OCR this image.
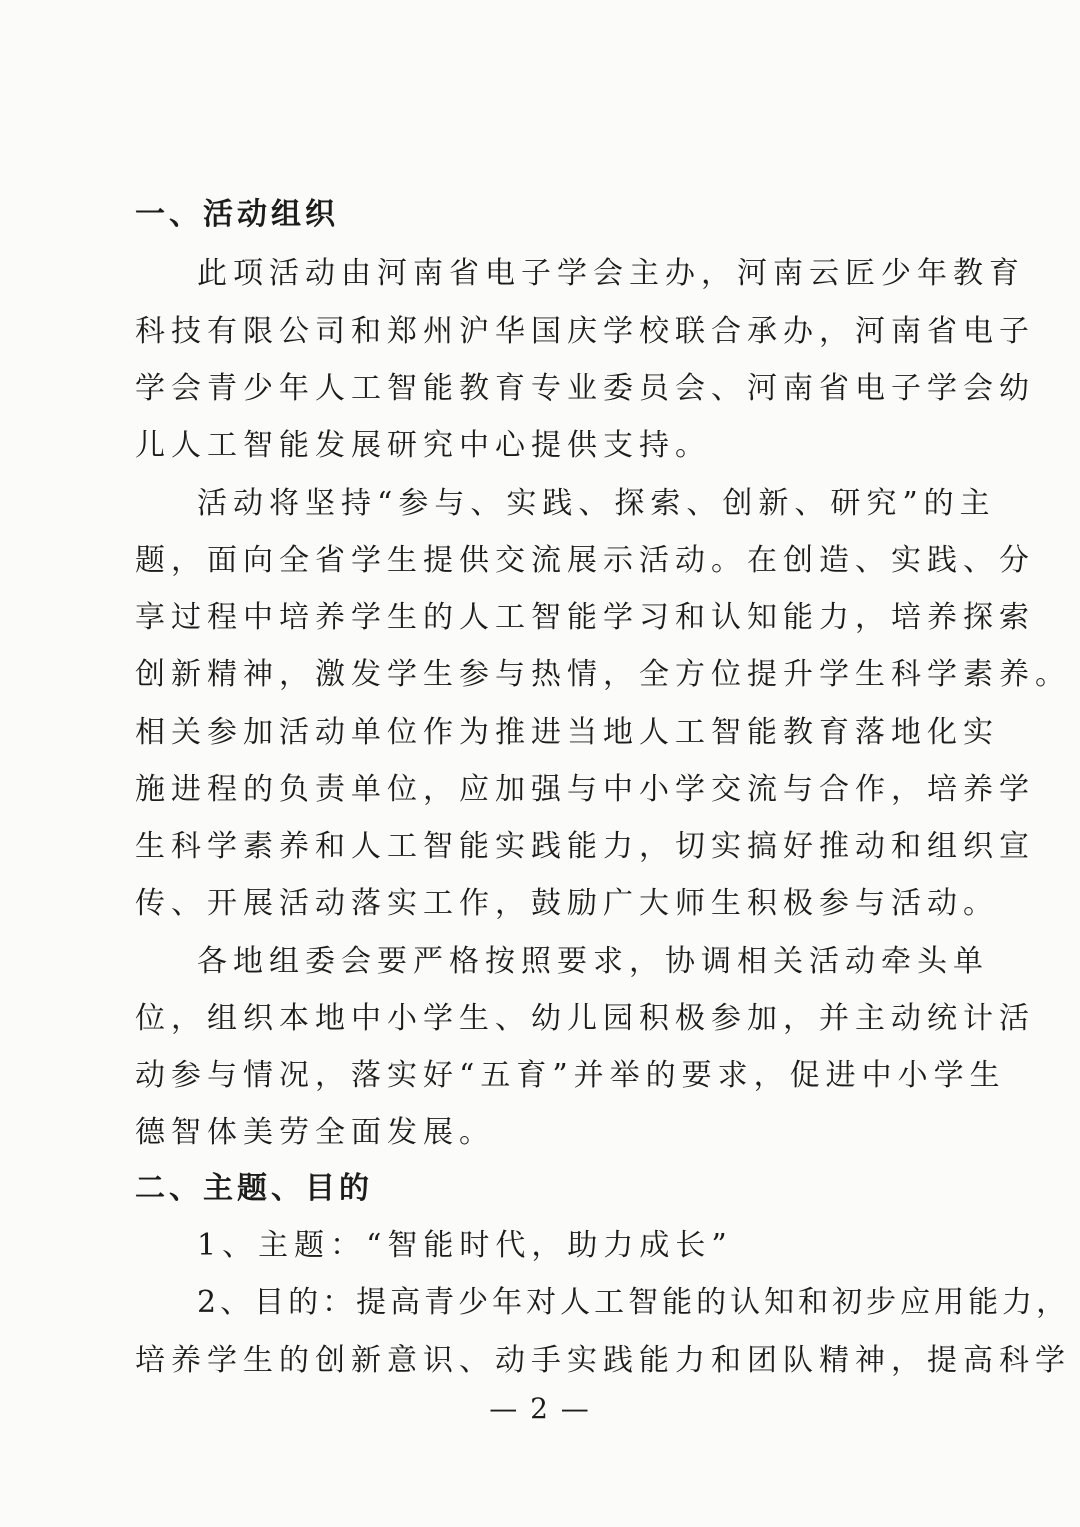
一、活动组织
此项活动由河南省电子学会主办，河南云匠少年教育
科技有限公司和郑州沪华国庆学校联合承办，河南省电子
学会青少年人工智能教育专业委员会、河南省电子学会幼
儿人工智能发展研究中心提供支持。
活动将坚持“参与、实践、探索、创新、研究”的主
题，面向全省学生提供交流展示活动。在创造、实践、分
享过程中培养学生的人工智能学习和认知能力，培养探索
创新精神，激发学生参与热情，全方位提升学生科学素养。
相关参加活动单位作为推进当地人工智能教育落地化实
施进程的负责单位，应加强与中小学交流与合作，培养学
生科学素养和人工智能实践能力，切实搞好推动和组织宣
传、开展活动落实工作，鼓励广大师生积极参与活动。
各地组委会要严格按照要求，协调相关活动牵头单
位，组织本地中小学生、幼儿园积极参加，并主动统计活
动参与情况，落实好“五育”并举的要求，促进中小学生
德智体美劳全面发展。
二、主题、目的
1、主题：“智能时代，助力成长”
2、目的：提高青少年对人工智能的认知和初步应用能力，
培养学生的创新意识、动手实践能力和团队精神，提高科学
— 2 —
